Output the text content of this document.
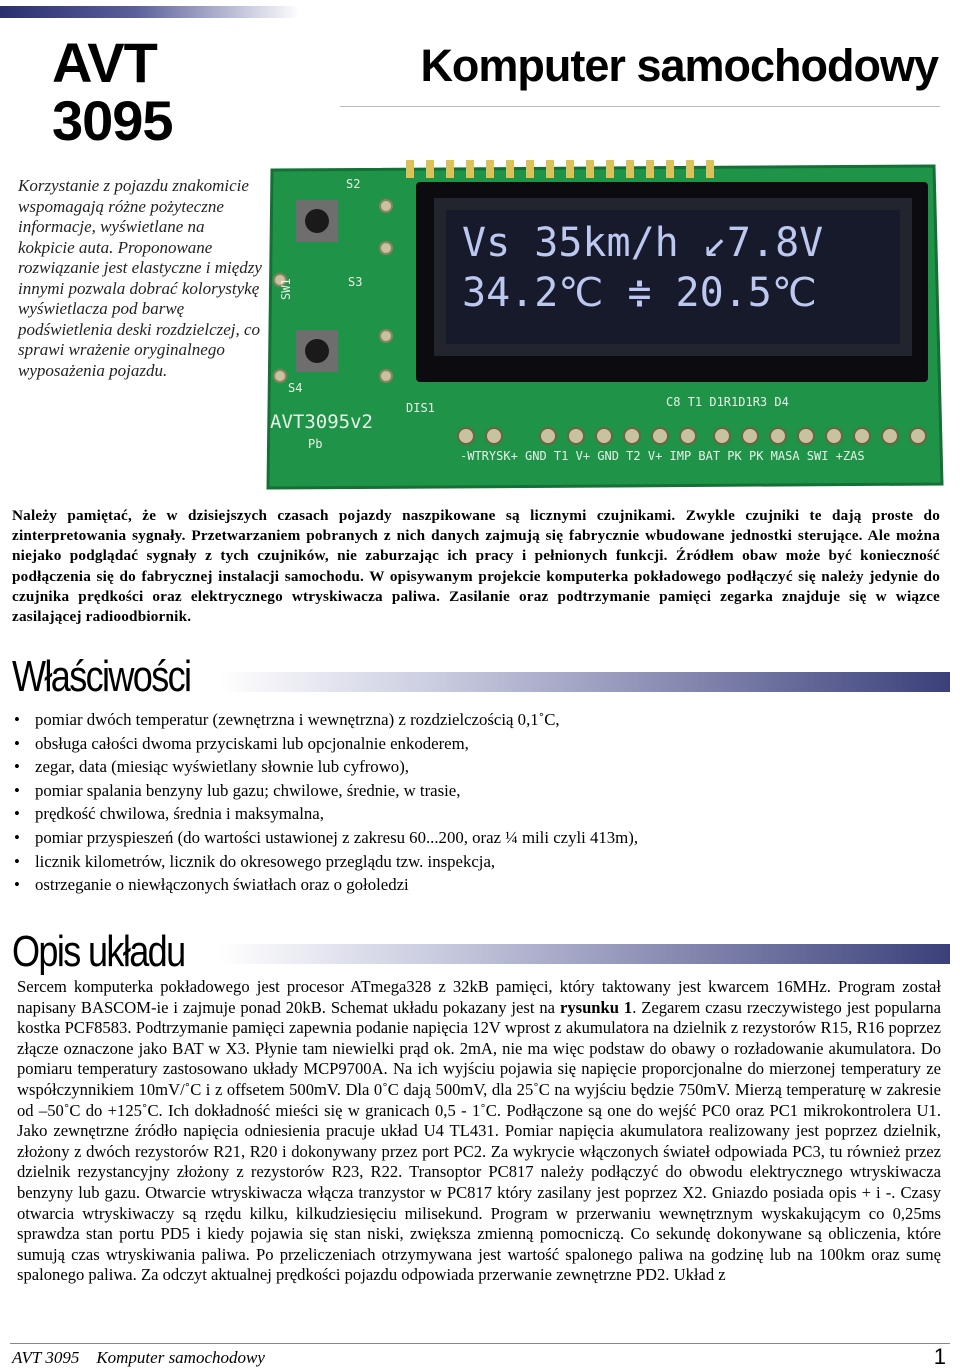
AVT 3095
Komputer samochodowy
Korzystanie z pojazdu znakomicie wspomagają różne pożyteczne informacje, wyświetlane na kokpicie auta. Proponowane rozwiązanie jest elastyczne i między innymi pozwala dobrać kolorystykę wyświetlacza pod barwę podświetlenia deski rozdzielczej, co sprawi wrażenie oryginalnego wyposażenia pojazdu.
Vs 35km/h ↙7.8V
34.2℃ ≑ 20.5℃
S2
SW1	S3
S4
AVT3095v2
Pb
DIS1	C8 T1 D1R1D1R3 D4
-WTRYSK+ GND T1 V+ GND T2 V+ IMP BAT PK PK MASA SWI +ZAS
Należy pamiętać, że w dzisiejszych czasach pojazdy naszpikowane są licznymi czujnikami. Zwykle czujniki te dają proste do zinterpretowania sygnały. Przetwarzaniem pobranych z nich danych zajmują się fabrycznie wbudowane jednostki sterujące. Ale można niejako podglądać sygnały z tych czujników, nie zaburzając ich pracy i pełnionych funkcji. Źródłem obaw może być konieczność podłączenia się do fabrycznej instalacji samochodu. W opisywanym projekcie komputerka pokładowego podłączyć się należy jedynie do czujnika prędkości oraz elektrycznego wtryskiwacza paliwa. Zasilanie oraz podtrzymanie pamięci zegarka znajduje się w wiązce zasilającej radioodbiornik.
Właściwości
• pomiar dwóch temperatur (zewnętrzna i wewnętrzna) z rozdzielczością 0,1˚C,
• obsługa całości dwoma przyciskami lub opcjonalnie enkoderem,
• zegar, data (miesiąc wyświetlany słownie lub cyfrowo),
• pomiar spalania benzyny lub gazu; chwilowe, średnie, w trasie,
• prędkość chwilowa, średnia i maksymalna,
• pomiar przyspieszeń (do wartości ustawionej z zakresu 60...200, oraz ¼ mili czyli 413m),
• licznik kilometrów, licznik do okresowego przeglądu tzw. inspekcja,
• ostrzeganie o niewłączonych światłach oraz o gołoledzi
Opis układu
Sercem komputerka pokładowego jest procesor ATmega328 z 32kB pamięci, który taktowany jest kwarcem 16MHz. Program został napisany BASCOM-ie i zajmuje ponad 20kB. Schemat układu pokazany jest na rysunku 1. Zegarem czasu rzeczywistego jest popularna kostka PCF8583. Podtrzymanie pamięci zapewnia podanie napięcia 12V wprost z akumulatora na dzielnik z rezystorów R15, R16 poprzez złącze oznaczone jako BAT w X3. Płynie tam niewielki prąd ok. 2mA, nie ma więc podstaw do obawy o rozładowanie akumulatora. Do pomiaru temperatury zastosowano układy MCP9700A. Na ich wyjściu pojawia się napięcie proporcjonalne do mierzonej temperatury ze współczynnikiem 10mV/˚C i z offsetem 500mV. Dla 0˚C dają 500mV, dla 25˚C na wyjściu będzie 750mV. Mierzą temperaturę w zakresie od –50˚C do +125˚C. Ich dokładność mieści się w granicach 0,5 - 1˚C. Podłączone są one do wejść PC0 oraz PC1 mikrokontrolera U1. Jako zewnętrzne źródło napięcia odniesienia pracuje układ U4 TL431. Pomiar napięcia akumulatora realizowany jest poprzez dzielnik, złożony z dwóch rezystorów R21, R20 i dokonywany przez port PC2. Za wykrycie włączonych świateł odpowiada PC3, tu również przez dzielnik rezystancyjny złożony z rezystorów R23, R22. Transoptor PC817 należy podłączyć do obwodu elektrycznego wtryskiwacza benzyny lub gazu. Otwarcie wtryskiwacza włącza tranzystor w PC817 który zasilany jest poprzez X2. Gniazdo posiada opis + i -. Czasy otwarcia wtryskiwaczy są rzędu kilku, kilkudziesięciu milisekund. Program w przerwaniu wewnętrznym wyskakującym co 0,25ms sprawdza stan portu PD5 i kiedy pojawia się stan niski, zwiększa zmienną pomocniczą. Co sekundę dokonywane są obliczenia, które sumują czas wtryskiwania paliwa. Po przeliczeniach otrzymywana jest wartość spalonego paliwa na godzinę lub na 100km oraz sumę spalonego paliwa. Za odczyt aktualnej prędkości pojazdu odpowiada przerwanie zewnętrzne PD2. Układ z
AVT 3095    Komputer samochodowy	1
